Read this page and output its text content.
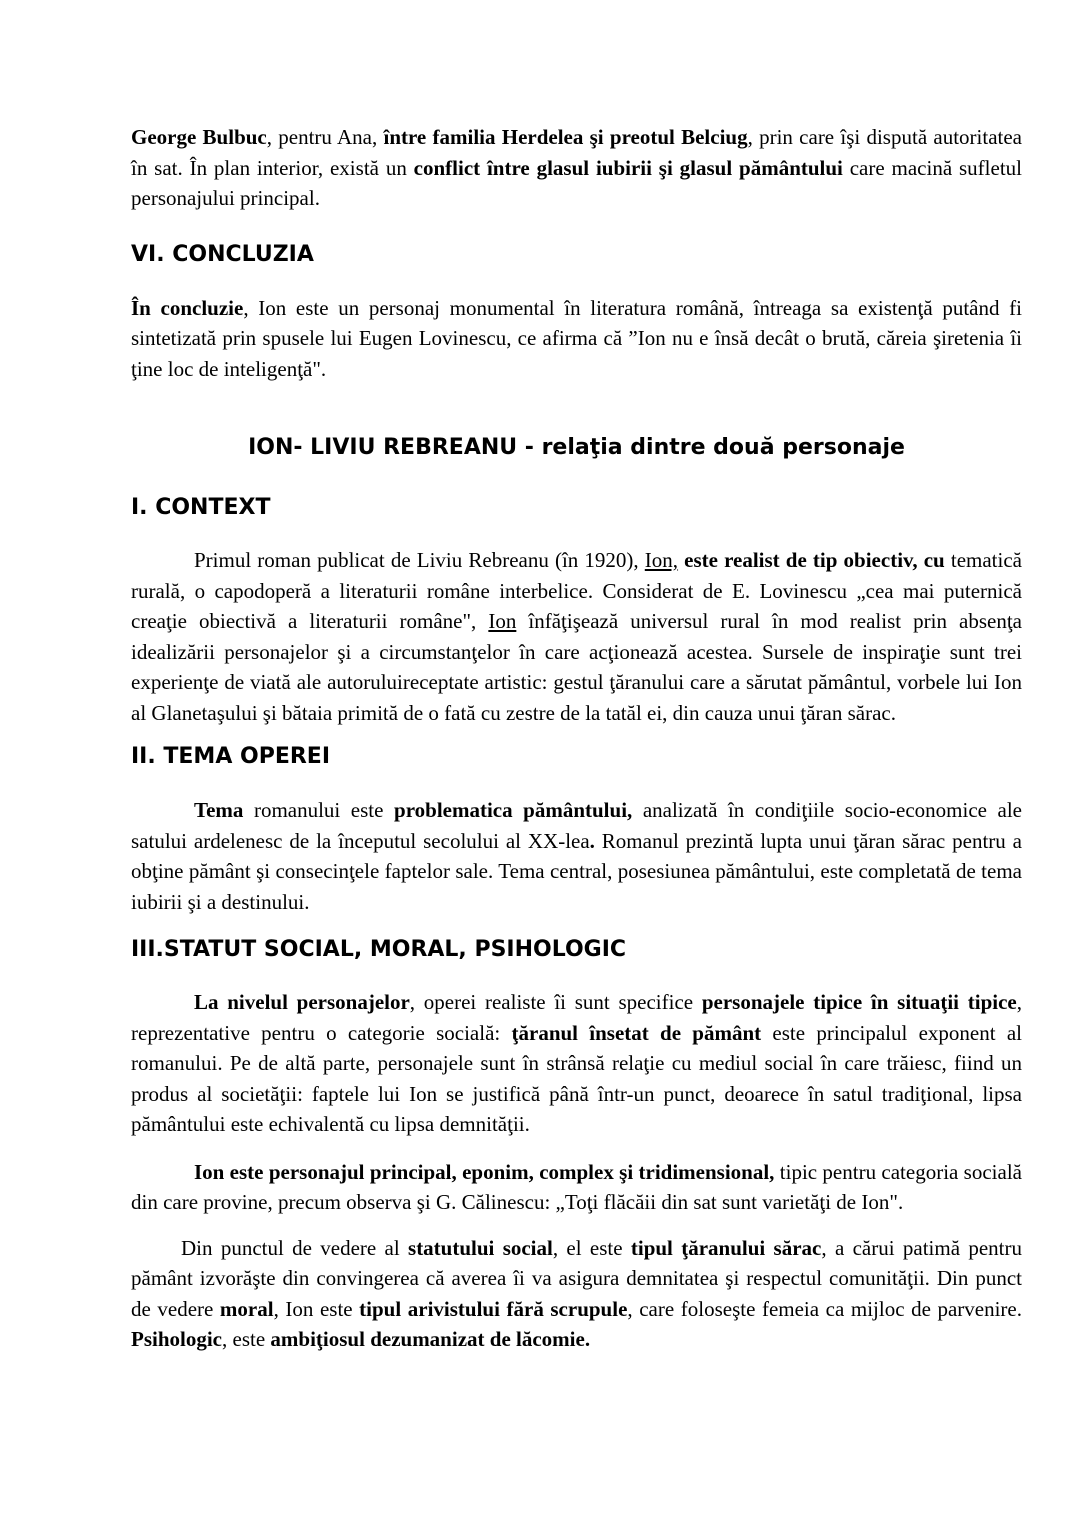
George Bulbuc, pentru Ana, între familia Herdelea şi preotul Belciug, prin care îşi dispută autoritatea în sat. În plan interior, există un conflict între glasul iubirii şi glasul pământului care macină sufletul personajului principal.

VI. CONCLUZIA

În concluzie, Ion este un personaj monumental în literatura română, întreaga sa existenţă putând fi sintetizată prin spusele lui Eugen Lovinescu, ce afirma că ”Ion nu e însă decât o brută, căreia şiretenia îi ţine loc de inteligenţă".

ION- LIVIU REBREANU - relaţia dintre două personaje

I. CONTEXT

Primul roman publicat de Liviu Rebreanu (în 1920), Ion, este realist de tip obiectiv, cu tematică rurală, o capodoperă a literaturii române interbelice. Considerat de E. Lovinescu „cea mai puternică creaţie obiectivă a literaturii române", Ion înfăţişează universul rural în mod realist prin absenţa idealizării personajelor şi a circumstanţelor în care acţionează acestea. Sursele de inspiraţie sunt trei experienţe de viată ale autoruluireceptate artistic: gestul ţăranului care a sărutat pământul, vorbele lui Ion al Glanetaşului şi bătaia primită de o fată cu zestre de la tatăl ei, din cauza unui ţăran sărac.

II. TEMA OPEREI

Tema romanului este problematica pământului, analizată în condiţiile socio-economice ale satului ardelenesc de la începutul secolului al XX-lea. Romanul prezintă lupta unui ţăran sărac pentru a obţine pământ şi consecinţele faptelor sale. Tema central, posesiunea pământului, este completată de tema iubirii şi a destinului.

III.STATUT SOCIAL, MORAL, PSIHOLOGIC

La nivelul personajelor, operei realiste îi sunt specifice personajele tipice în situaţii tipice, reprezentative pentru o categorie socială: ţăranul însetat de pământ este principalul exponent al romanului. Pe de altă parte, personajele sunt în strânsă relaţie cu mediul social în care trăiesc, fiind un produs al societăţii: faptele lui Ion se justifică până într-un punct, deoarece în satul tradiţional, lipsa pământului este echivalentă cu lipsa demnităţii.

Ion este personajul principal, eponim, complex şi tridimensional, tipic pentru categoria socială din care provine, precum observa şi G. Călinescu: „Toţi flăcăii din sat sunt varietăţi de Ion".

Din punctul de vedere al statutului social, el este tipul ţăranului sărac, a cărui patimă pentru pământ izvorăşte din convingerea că averea îi va asigura demnitatea şi respectul comunităţii. Din punct de vedere moral, Ion este tipul arivistului fără scrupule, care foloseşte femeia ca mijloc de parvenire. Psihologic, este ambiţiosul dezumanizat de lăcomie.
